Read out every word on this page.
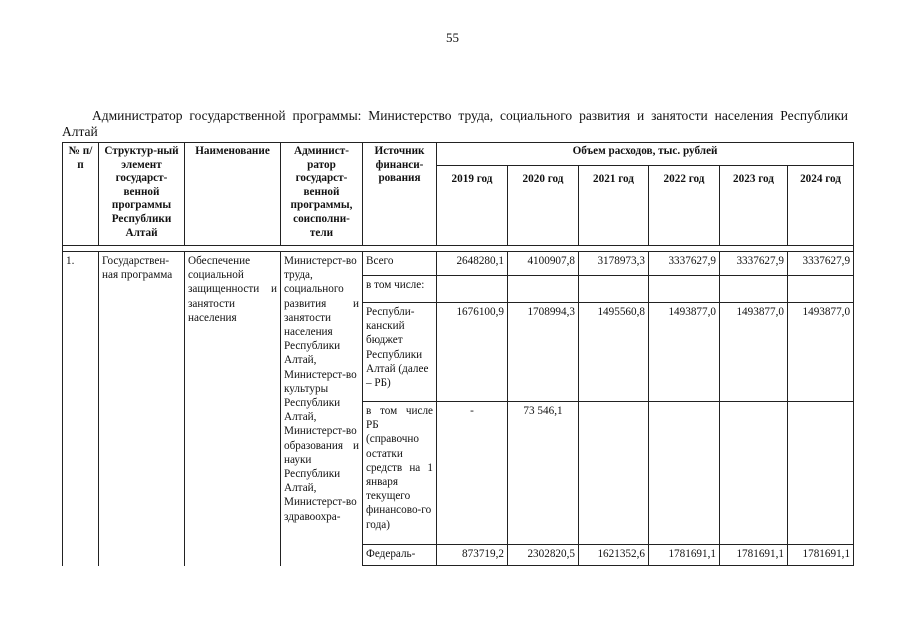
55
Администратор государственной программы: Министерство труда, социального развития и занятости населения Республики Алтай
№ п/п	Структур-ный элемент государст-венной программы Республики Алтай	Наименование	Админист-ратор государст-венной программы, соисполни-тели	Источник финанси-рования	Объем расходов, тыс. рублей					
					2019 год	2020 год	2021 год	2022 год	2023 год	2024 год

1.	Государствен-ная программа	Обеспечение социальной защищенности и занятости населения	Министерст-во труда, социального развития и занятости населения Республики Алтай, Министерст-во культуры Республики Алтай, Министерст-во образования и науки Республики Алтай, Министерст-во здравоохра-	Всего	2648280,1	4100907,8	3178973,3	3337627,9	3337627,9	3337627,9
				в том числе:						
				Республи-канский бюджет Республики Алтай (далее – РБ)	1676100,9	1708994,3	1495560,8	1493877,0	1493877,0	1493877,0
				в том числе РБ (справочно остатки средств на 1 января текущего финансово-го года)	-	73 546,1				
				Федераль-	873719,2	2302820,5	1621352,6	1781691,1	1781691,1	1781691,1
